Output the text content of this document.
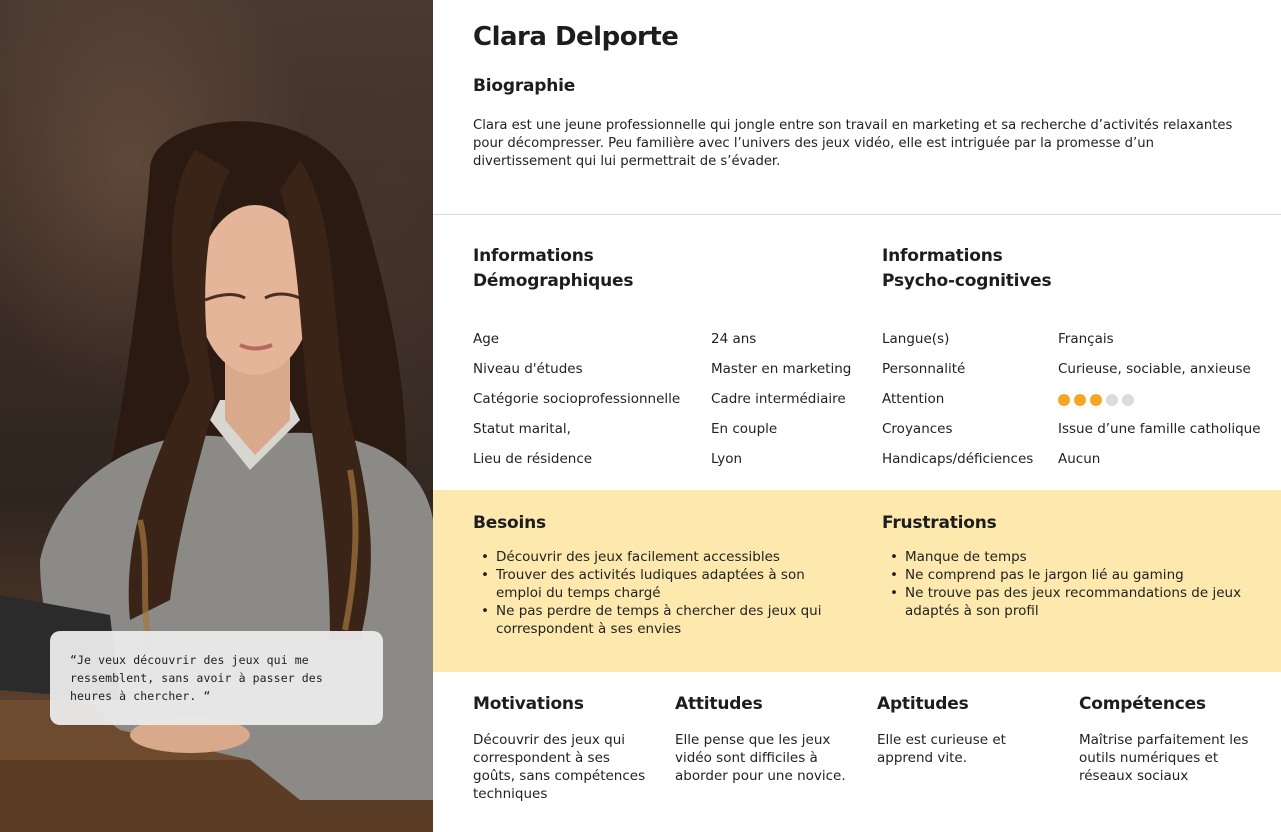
“Je veux découvrir des jeux qui me ressemblent, sans avoir à passer des heures à chercher. “

Clara Delporte
Biographie

Clara est une jeune professionnelle qui jongle entre son travail en marketing et sa recherche d’activités relaxantes pour décompresser. Peu familière avec l’univers des jeux vidéo, elle est intriguée par la promesse d’un divertissement qui lui permettrait de s’évader.

Informations
Démographiques
Age	24 ans
Niveau d'études	Master en marketing
Catégorie socioprofessionnelle Cadre intermédiaire
Statut marital,	En couple
Lieu de résidence	Lyon
Informations
Psycho-cognitives
Langue(s)	Français
Personnalité	Curieuse, sociable, anxieuse
Attention
Croyances	Issue d’une famille catholique
Handicaps/déficiences Aucun
Besoins
• Découvrir des jeux facilement accessibles
• Trouver des activités ludiques adaptées à son emploi du temps chargé
• Ne pas perdre de temps à chercher des jeux qui correspondent à ses envies
Frustrations
• Manque de temps
• Ne comprend pas le jargon lié au gaming
• Ne trouve pas des jeux recommandations de jeux adaptés à son profil
Motivations

Découvrir des jeux qui correspondent à ses goûts, sans compétences techniques

Attitudes

Elle pense que les jeux vidéo sont difficiles à aborder pour une novice.

Aptitudes

Elle est curieuse et apprend vite.

Compétences

Maîtrise parfaitement les outils numériques et réseaux sociaux
